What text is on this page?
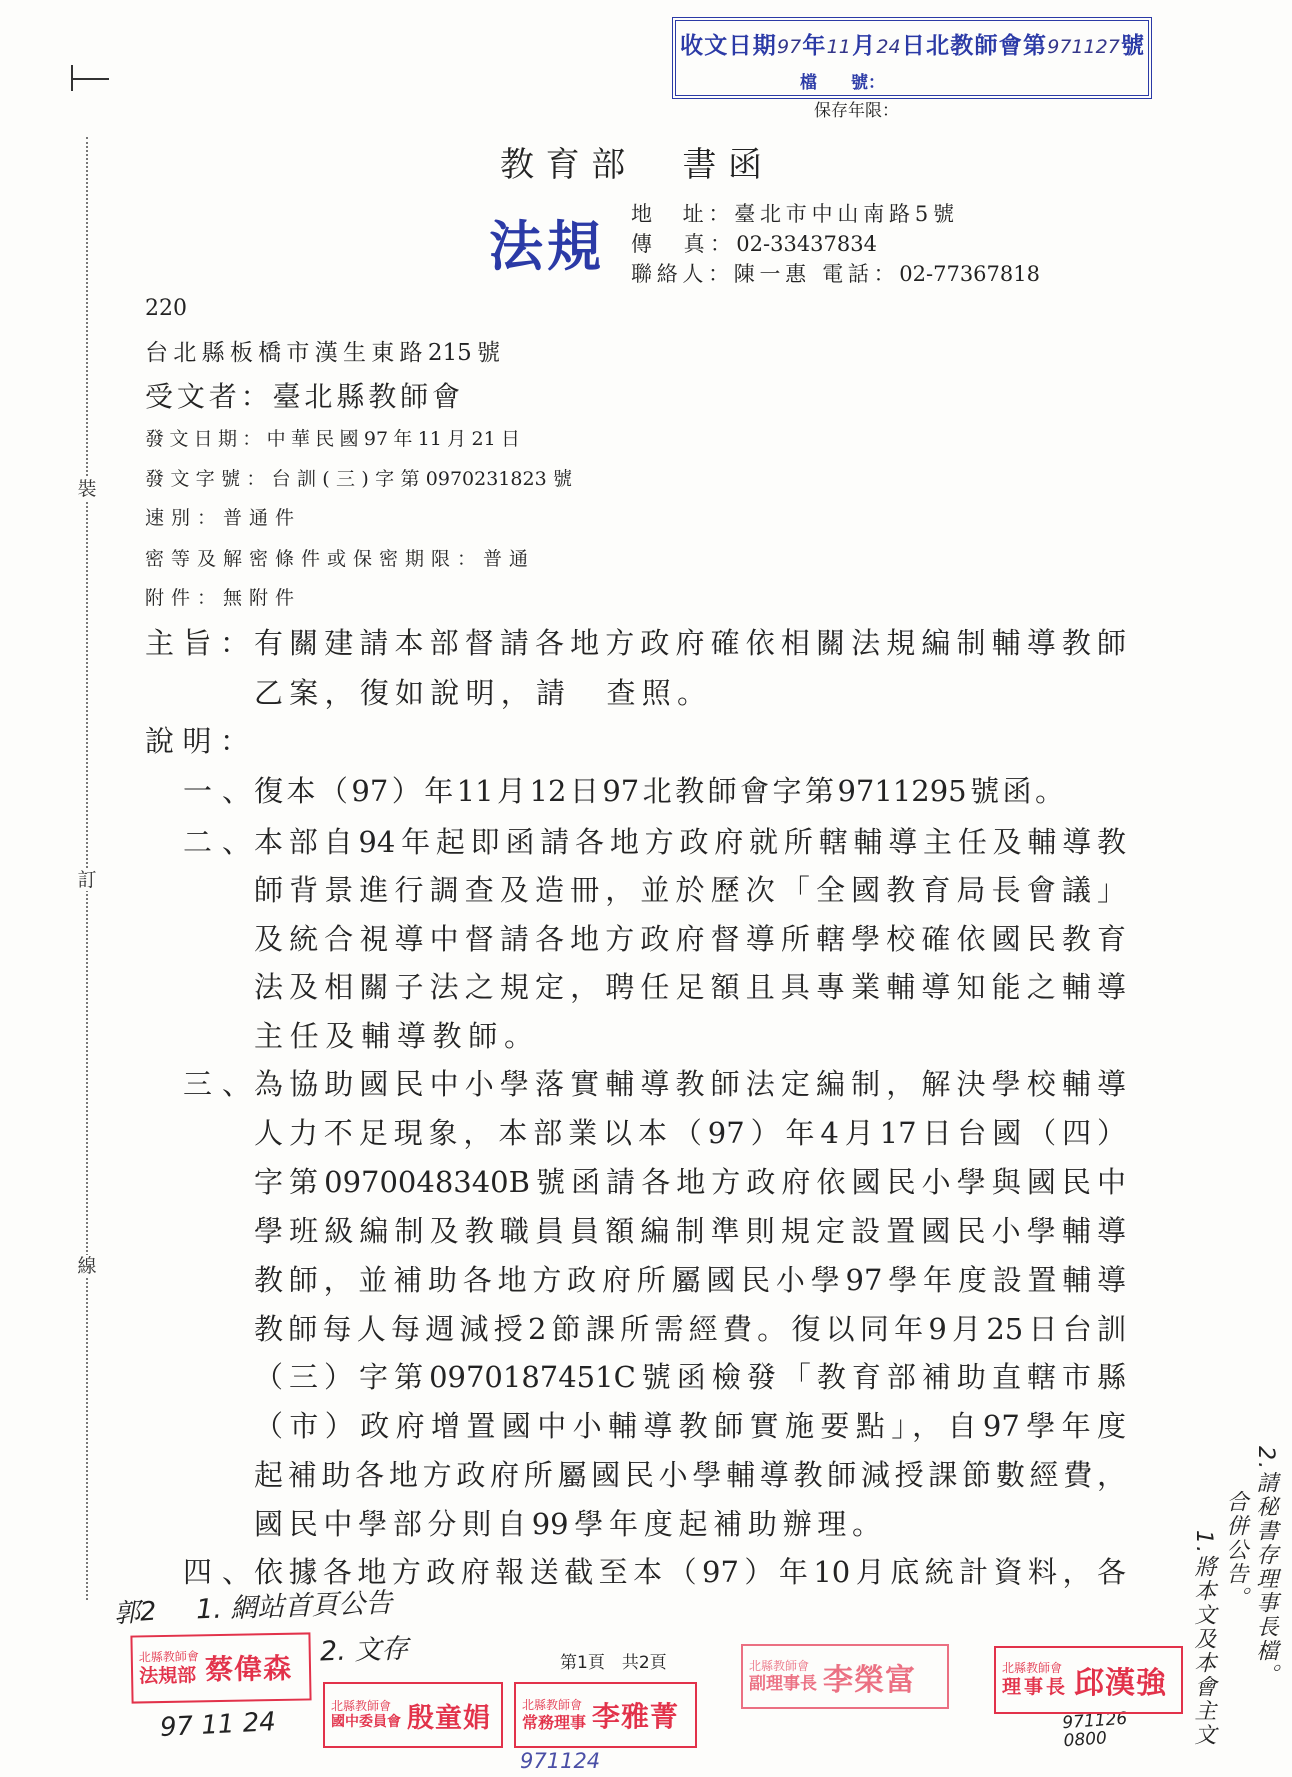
裝
訂
線
收文日期97年11月24日北教師會第971127號
檔　　號：
保存年限：
教育部　書函
法規 地　址：臺北市中山南路5號
傳　真：02-33437834
聯絡人：陳一惠 電話：02-77367818
220
台北縣板橋市漢生東路215號
受文者：臺北縣教師會
發文日期：中華民國97年11月21日
發文字號：台訓(三)字第0970231823號
速別：普通件
密等及解密條件或保密期限：普通
附件：無附件
主旨： 有關建請本部督請各地方政府確依相關法規編制輔導教師
乙案，復如說明，請　查照。
說明：
一、 復本（97）年11月12日97北教師會字第9711295號函。
二、 本部自94年起即函請各地方政府就所轄輔導主任及輔導教
師背景進行調查及造冊，並於歷次「全國教育局長會議」
及統合視導中督請各地方政府督導所轄學校確依國民教育
法及相關子法之規定，聘任足額且具專業輔導知能之輔導
主任及輔導教師。
三、 為協助國民中小學落實輔導教師法定編制，解決學校輔導
人力不足現象，本部業以本（97）年4月17日台國（四）
字第0970048340B號函請各地方政府依國民小學與國民中
學班級編制及教職員員額編制準則規定設置國民小學輔導
教師，並補助各地方政府所屬國民小學97學年度設置輔導
教師每人每週減授2節課所需經費。復以同年9月25日台訓
（三）字第0970187451C號函檢發「教育部補助直轄市縣
（市）政府增置國中小輔導教師實施要點」，自97學年度
起補助各地方政府所屬國民小學輔導教師減授課節數經費，
國民中學部分則自99學年度起補助辦理。
四、 依據各地方政府報送截至本（97）年10月底統計資料，各
第1頁　共2頁
郭2 1. 網站首頁公告
2. 文存
97 11 24
971124
971126
0800
2.請秘書存理事長檔。
合併公告。
1.將本文及本會主文
北縣教師會
法規部 蔡偉森
北縣教師會
國中委員會 殷童娟	北縣教師會
常務理事 李雅菁
北縣教師會
副理事長 李榮富	北縣教師會
理事長 邱漢強
